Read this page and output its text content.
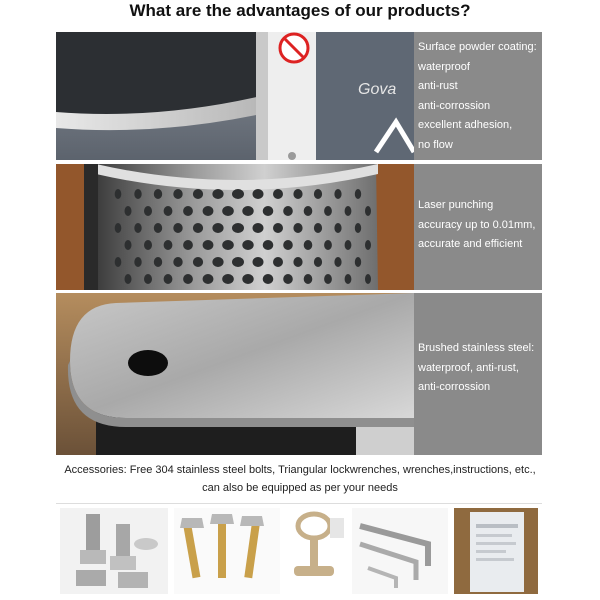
What are the advantages of our products?
Gova
Surface powder coating:
waterproof
anti-rust
anti-corrossion
excellent adhesion,
no flow
Laser punching
accuracy up to 0.01mm,
accurate and efficient
Brushed stainless steel:
waterproof, anti-rust,
anti-corrossion
Accessories: Free 304 stainless steel bolts, Triangular lockwrenches, wrenches,instructions, etc.,
can also be equipped as per your needs
